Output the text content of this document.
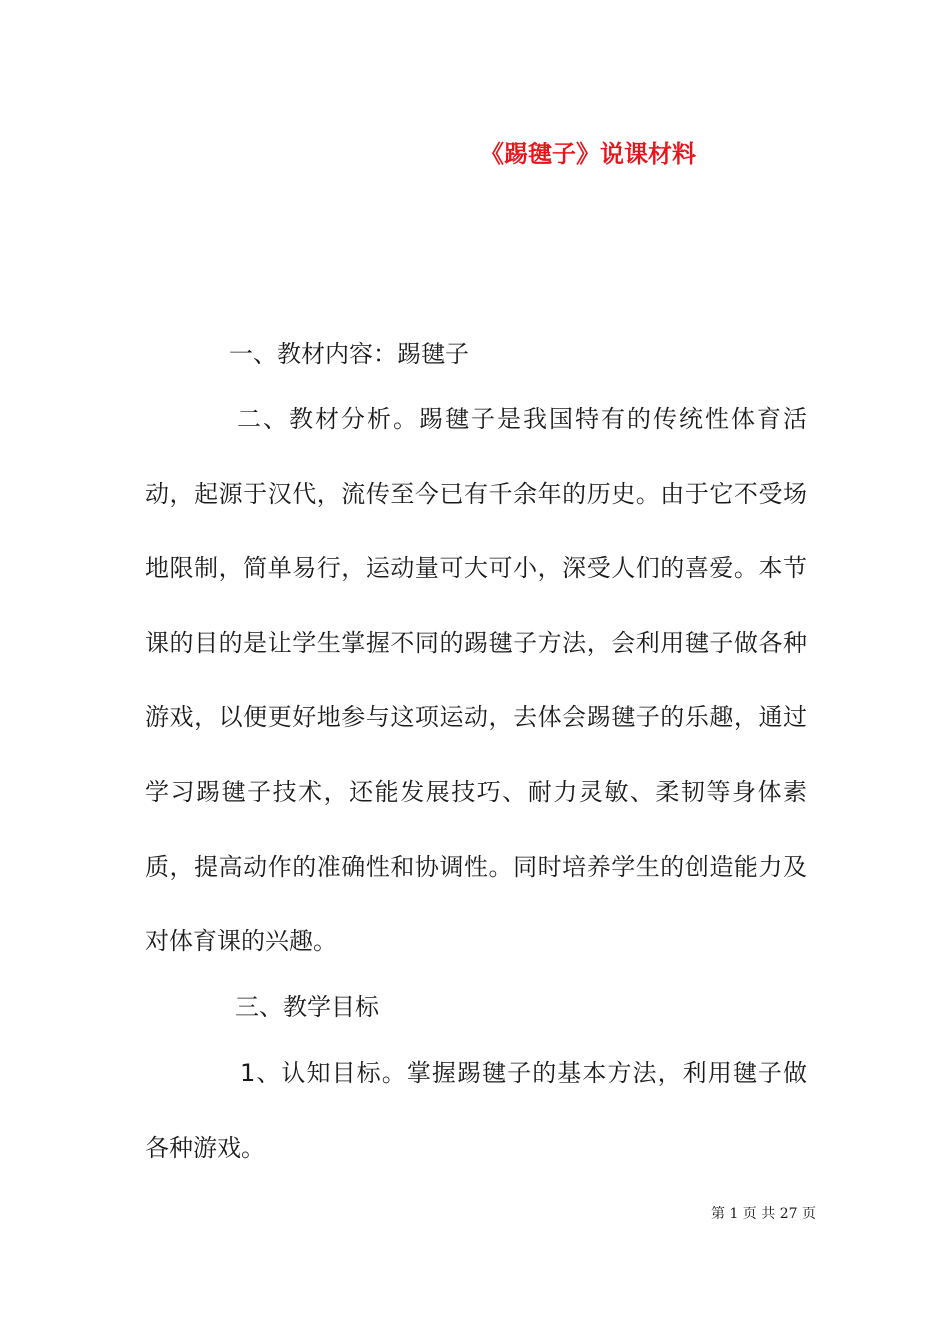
《踢毽子》说课材料

一、教材内容：踢毽子

二、教材分析。踢毽子是我国特有的传统性体育活动，起源于汉代，流传至今已有千余年的历史。由于它不受场地限制，简单易行，运动量可大可小，深受人们的喜爱。本节课的目的是让学生掌握不同的踢毽子方法，会利用毽子做各种游戏，以便更好地参与这项运动，去体会踢毽子的乐趣，通过学习踢毽子技术，还能发展技巧、耐力灵敏、柔韧等身体素质，提高动作的准确性和协调性。同时培养学生的创造能力及对体育课的兴趣。

三、教学目标

1、认知目标。掌握踢毽子的基本方法，利用毽子做各种游戏。

第 1 页 共 27 页
